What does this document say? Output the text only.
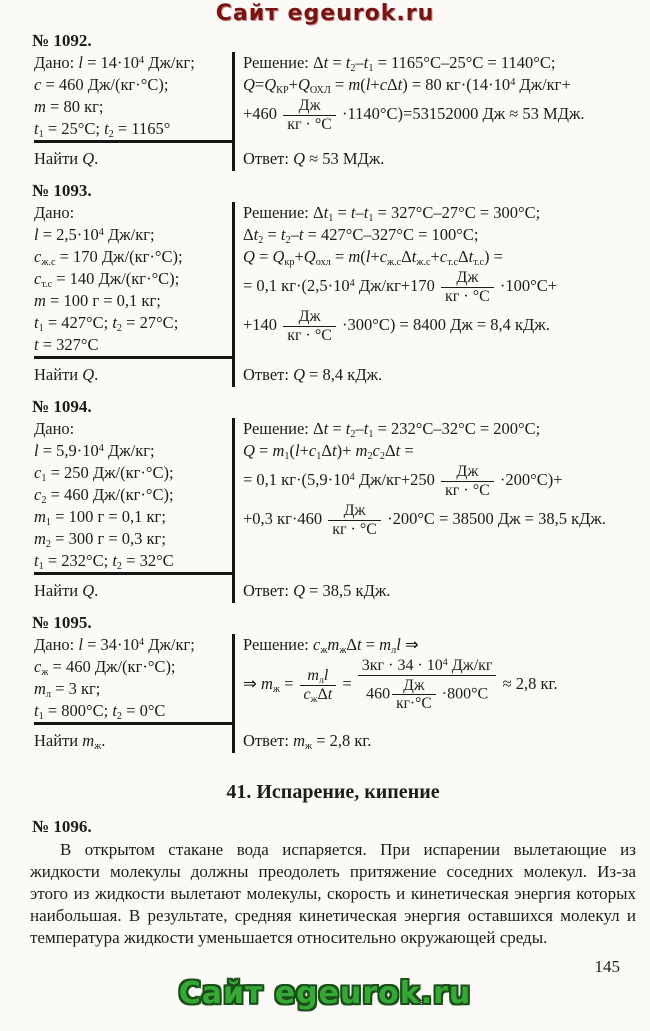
Сайт egeurok.ru
№ 1092.
Дано: $l = 14\cdot 10^4$ Дж/кг;
c = 460 Дж/(кг·°С);
m = 80 кг;
$t_1 = 25^\circ С$; $t_2 = 1165^\circ$
Найти Q.
Решение: $\Delta t = t_2-t_1 = 1165^\circ С-25^\circ С = 1140^\circ С$;
$Q=Q_{КР}+Q_{ОХЛ} = m(l+c\Delta t) = 80$ $кг\cdot(14\cdot 10^4$ Дж/кг+
$+460 \frac{Дж}{кг \cdot ^\circ С} \cdot 1140^\circ С)=53152000$ Дж ≈ 53 МДж.
Ответ: Q ≈ 53 МДж.
№ 1093.
Дано:
$l = 2,5\cdot 10^4$ Дж/кг;
$c_{ж.с} = 170$ Дж/(кг·°С);
$c_{т.с} = 140$ Дж/(кг·°С);
m = 100 г = 0,1 кг;
$t_1 = 427^\circ С$; $t_2 = 27^\circ С$;
t = 327°С
Найти Q.
Решение: $\Delta t_1 = t-t_1 = 327^\circ С-27^\circ С = 300^\circ С$;
$\Delta t_2 = t_2-t = 427^\circ С-327^\circ С = 100^\circ С$;
$Q = Q_{кр}+Q_{охл} = m(l+c_{ж.с}\Delta t_{ж.с}+c_{т.с}\Delta t_{т.с})$ =
= 0,1 $кг\cdot(2,5\cdot 10^4$ $Дж/кг+170 \frac{Дж}{кг \cdot ^\circ С} \cdot 100^\circ С+$
$+140 \frac{Дж}{кг \cdot ^\circ С} \cdot 300^\circ С) = 8400$ Дж = 8,4 кДж.
Ответ: Q = 8,4 кДж.
№ 1094.
Дано:
$l = 5,9\cdot 10^4$ Дж/кг;
$c_1 = 250$ Дж/(кг·°С);
$c_2 = 460$ Дж/(кг·°С);
$m_1 = 100$ г = 0,1 кг;
$m_2 = 300$ г = 0,3 кг;
$t_1 = 232^\circ С$; $t_2 = 32^\circ С$
Найти Q.
Решение: $\Delta t = t_2-t_1 = 232^\circ С-32^\circ С = 200^\circ С$;
$Q = m_1(l+c_1\Delta t)+ m_2c_2\Delta t$ =
= 0,1 $кг\cdot(5,9\cdot 10^4$ $Дж/кг+250 \frac{Дж}{кг \cdot ^\circ С} \cdot 200^\circ С)+$
+0,3 $кг\cdot 460 \frac{Дж}{кг \cdot ^\circ С} \cdot 200^\circ С = 38500$ Дж = 38,5 кДж.
Ответ: Q = 38,5 кДж.
№ 1095.
Дано: $l = 34\cdot 10^4$ Дж/кг;
$c_ж = 460$ Дж/(кг·°С);
$m_л = 3$ кг;
$t_1 = 800^\circ С$; $t_2 = 0^\circ С$
Найти $m_ж$.
Решение: $c_жm_ж\Delta t = m_лl$ ⇒
⇒ $m_ж = \frac{m_лl}{c_ж\Delta t} = \frac{3кг \cdot 34 \cdot 10^4 Дж/кг}{460 \frac{Дж}{кг\cdot^\circ С} \cdot 800^\circ С} \approx 2,8$ кг.
Ответ: $m_ж = 2,8$ кг.
41. Испарение, кипение
№ 1096.

В открытом стакане вода испаряется. При испарении вылетающие из жидкости молекулы должны преодолеть притяжение соседних молекул. Из-за этого из жидкости вылетают молекулы, скорость и кинетическая энергия которых наибольшая. В результате, средняя кинетическая энергия оставшихся молекул и температура жидкости уменьшается относительно окружающей среды.

145
Сайт egeurok.ru
